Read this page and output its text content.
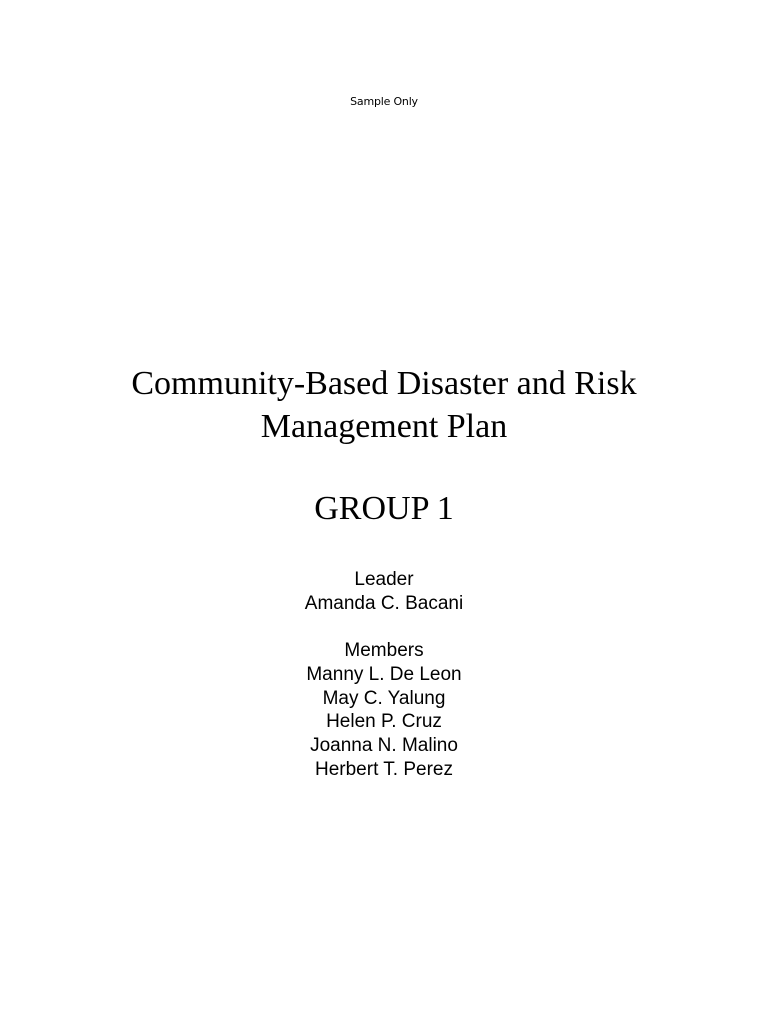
Sample Only
Community-Based Disaster and Risk
Management Plan
GROUP 1
Leader
Amanda C. Bacani
Members
Manny L. De Leon
May C. Yalung
Helen P. Cruz
Joanna N. Malino
Herbert T. Perez
